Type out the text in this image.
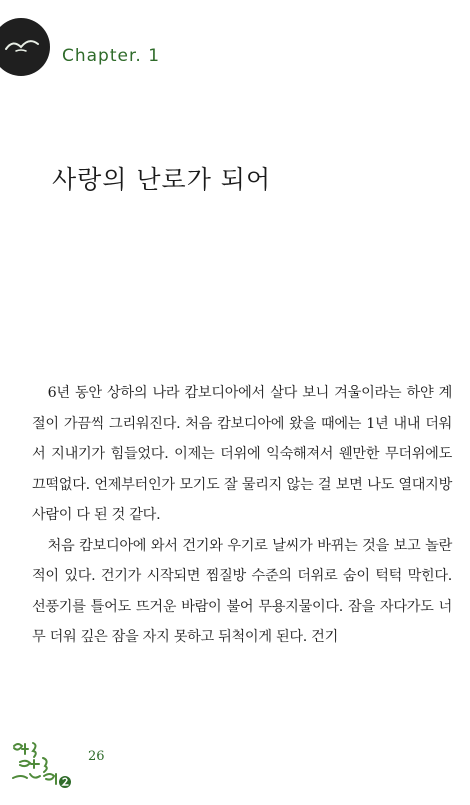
Chapter. 1
사랑의 난로가 되어

6년 동안 상하의 나라 캄보디아에서 살다 보니 겨울이라는 하얀 계절이 가끔씩 그리워진다. 처음 캄보디아에 왔을 때에는 1년 내내 더워서 지내기가 힘들었다. 이제는 더위에 익숙해져서 웬만한 무더위에도 끄떡없다. 언제부터인가 모기도 잘 물리지 않는 걸 보면 나도 열대지방 사람이 다 된 것 같다.

처음 캄보디아에 와서 건기와 우기로 날씨가 바뀌는 것을 보고 놀란 적이 있다. 건기가 시작되면 찜질방 수준의 더위로 숨이 턱턱 막힌다. 선풍기를 틀어도 뜨거운 바람이 불어 무용지물이다. 잠을 자다가도 너무 더워 깊은 잠을 자지 못하고 뒤척이게 된다. 건기

26
